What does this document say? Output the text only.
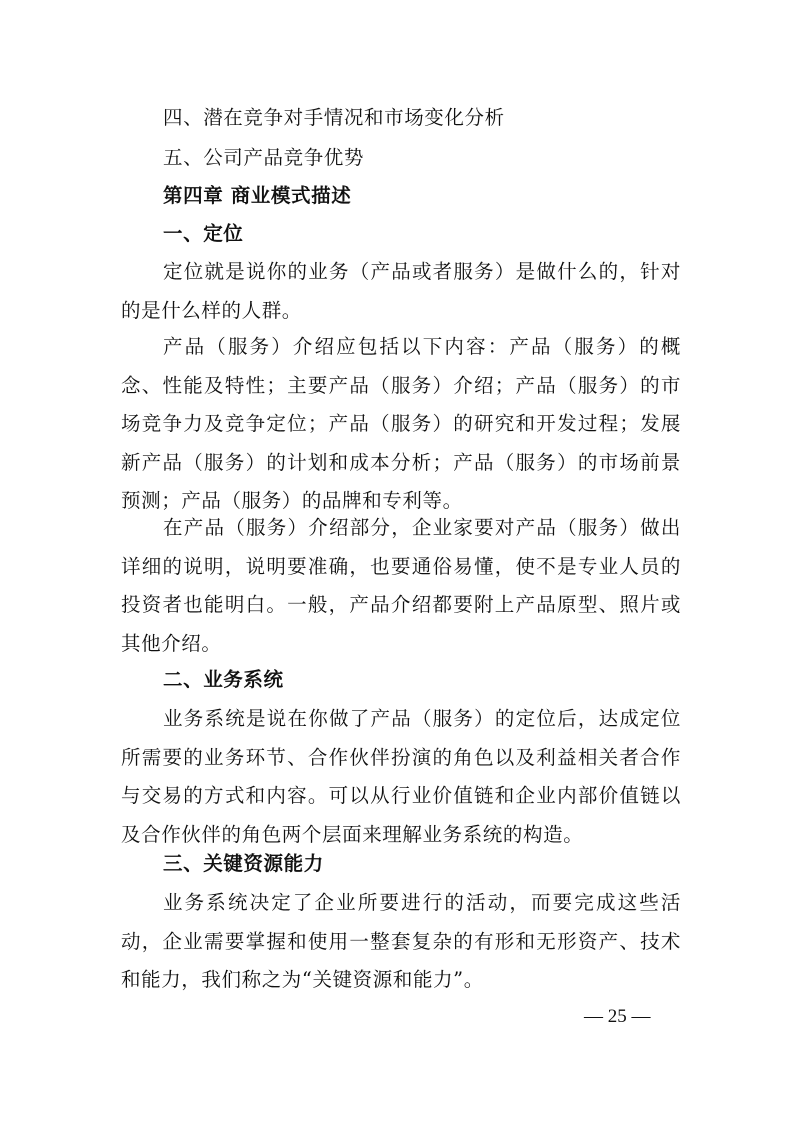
四、潜在竞争对手情况和市场变化分析
五、公司产品竞争优势
第四章 商业模式描述
一、定位
定位就是说你的业务（产品或者服务）是做什么的，针对的是什么样的人群。
产品（服务）介绍应包括以下内容：产品（服务）的概念、性能及特性；主要产品（服务）介绍；产品（服务）的市场竞争力及竞争定位；产品（服务）的研究和开发过程；发展新产品（服务）的计划和成本分析；产品（服务）的市场前景预测；产品（服务）的品牌和专利等。
在产品（服务）介绍部分，企业家要对产品（服务）做出详细的说明，说明要准确，也要通俗易懂，使不是专业人员的投资者也能明白。一般，产品介绍都要附上产品原型、照片或其他介绍。
二、业务系统
业务系统是说在你做了产品（服务）的定位后，达成定位所需要的业务环节、合作伙伴扮演的角色以及利益相关者合作与交易的方式和内容。可以从行业价值链和企业内部价值链以及合作伙伴的角色两个层面来理解业务系统的构造。
三、关键资源能力
业务系统决定了企业所要进行的活动，而要完成这些活动，企业需要掌握和使用一整套复杂的有形和无形资产、技术和能力，我们称之为“关键资源和能力”。
— 25 —
